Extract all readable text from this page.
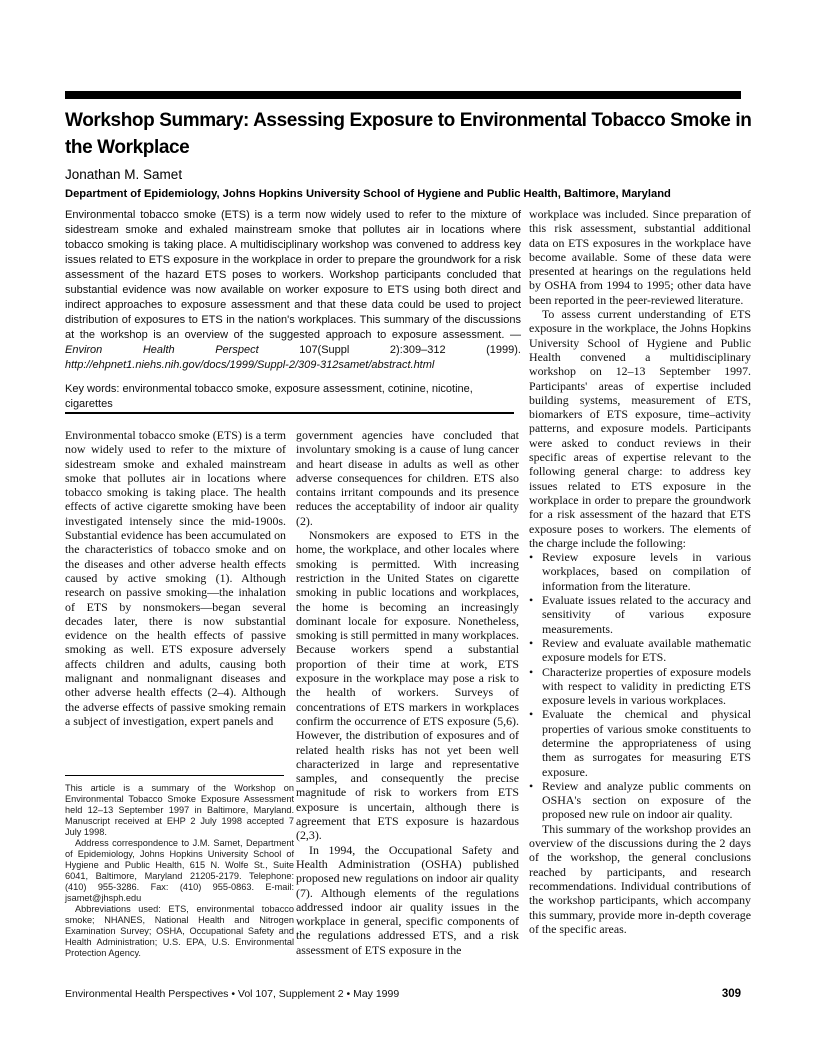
Workshop Summary: Assessing Exposure to Environmental Tobacco Smoke in the Workplace
Jonathan M. Samet
Department of Epidemiology, Johns Hopkins University School of Hygiene and Public Health, Baltimore, Maryland

Environmental tobacco smoke (ETS) is a term now widely used to refer to the mixture of sidestream smoke and exhaled mainstream smoke that pollutes air in locations where tobacco smoking is taking place. A multidisciplinary workshop was convened to address key issues related to ETS exposure in the workplace in order to prepare the groundwork for a risk assessment of the hazard ETS poses to workers. Workshop participants concluded that substantial evidence was now available on worker exposure to ETS using both direct and indirect approaches to exposure assessment and that these data could be used to project distribution of exposures to ETS in the nation's workplaces. This summary of the discussions at the workshop is an overview of the suggested approach to exposure assessment. — Environ Health Perspect 107(Suppl 2):309–312 (1999). http://ehpnet1.niehs.nih.gov/docs/1999/Suppl-2/309-312samet/abstract.html

Key words: environmental tobacco smoke, exposure assessment, cotinine, nicotine, cigarettes

Environmental tobacco smoke (ETS) is a term now widely used to refer to the mixture of sidestream smoke and exhaled mainstream smoke that pollutes air in locations where tobacco smoking is taking place. The health effects of active cigarette smoking have been investigated intensely since the mid-1900s. Substantial evidence has been accumulated on the characteristics of tobacco smoke and on the diseases and other adverse health effects caused by active smoking (1). Although research on passive smoking—the inhalation of ETS by nonsmokers—began several decades later, there is now substantial evidence on the health effects of passive smoking as well. ETS exposure adversely affects children and adults, causing both malignant and nonmalignant diseases and other adverse health effects (2–4). Although the adverse effects of passive smoking remain a subject of investigation, expert panels and

government agencies have concluded that involuntary smoking is a cause of lung cancer and heart disease in adults as well as other adverse consequences for children. ETS also contains irritant compounds and its presence reduces the acceptability of indoor air quality (2).

Nonsmokers are exposed to ETS in the home, the workplace, and other locales where smoking is permitted. With increasing restriction in the United States on cigarette smoking in public locations and workplaces, the home is becoming an increasingly dominant locale for exposure. Nonetheless, smoking is still permitted in many workplaces. Because workers spend a substantial proportion of their time at work, ETS exposure in the workplace may pose a risk to the health of workers. Surveys of concentrations of ETS markers in workplaces confirm the occurrence of ETS exposure (5,6). However, the distribution of exposures and of related health risks has not yet been well characterized in large and representative samples, and consequently the precise magnitude of risk to workers from ETS exposure is uncertain, although there is agreement that ETS exposure is hazardous (2,3).

In 1994, the Occupational Safety and Health Administration (OSHA) published proposed new regulations on indoor air quality (7). Although elements of the regulations addressed indoor air quality issues in the workplace in general, specific components of the regulations addressed ETS, and a risk assessment of ETS exposure in the

workplace was included. Since preparation of this risk assessment, substantial additional data on ETS exposures in the workplace have become available. Some of these data were presented at hearings on the regulations held by OSHA from 1994 to 1995; other data have been reported in the peer-reviewed literature.

To assess current understanding of ETS exposure in the workplace, the Johns Hopkins University School of Hygiene and Public Health convened a multidisciplinary workshop on 12–13 September 1997. Participants' areas of expertise included building systems, measurement of ETS, biomarkers of ETS exposure, time–activity patterns, and exposure models. Participants were asked to conduct reviews in their specific areas of expertise relevant to the following general charge: to address key issues related to ETS exposure in the workplace in order to prepare the groundwork for a risk assessment of the hazard that ETS exposure poses to workers. The elements of the charge include the following:

• Review exposure levels in various workplaces, based on compilation of information from the literature.
• Evaluate issues related to the accuracy and sensitivity of various exposure measurements.
• Review and evaluate available mathematic exposure models for ETS.
• Characterize properties of exposure models with respect to validity in predicting ETS exposure levels in various workplaces.
• Evaluate the chemical and physical properties of various smoke constituents to determine the appropriateness of using them as surrogates for measuring ETS exposure.
• Review and analyze public comments on OSHA's section on exposure of the proposed new rule on indoor air quality.

This summary of the workshop provides an overview of the discussions during the 2 days of the workshop, the general conclusions reached by participants, and research recommendations. Individual contributions of the workshop participants, which accompany this summary, provide more in-depth coverage of the specific areas.

This article is a summary of the Workshop on Environmental Tobacco Smoke Exposure Assessment held 12–13 September 1997 in Baltimore, Maryland. Manuscript received at EHP 2 July 1998 accepted 7 July 1998.

Address correspondence to J.M. Samet, Department of Epidemiology, Johns Hopkins University School of Hygiene and Public Health, 615 N. Wolfe St., Suite 6041, Baltimore, Maryland 21205-2179. Telephone: (410) 955-3286. Fax: (410) 955-0863. E-mail: jsamet@jhsph.edu

Abbreviations used: ETS, environmental tobacco smoke; NHANES, National Health and Nitrogen Examination Survey; OSHA, Occupational Safety and Health Administration; U.S. EPA, U.S. Environmental Protection Agency.

Environmental Health Perspectives • Vol 107, Supplement 2 • May 1999	309
